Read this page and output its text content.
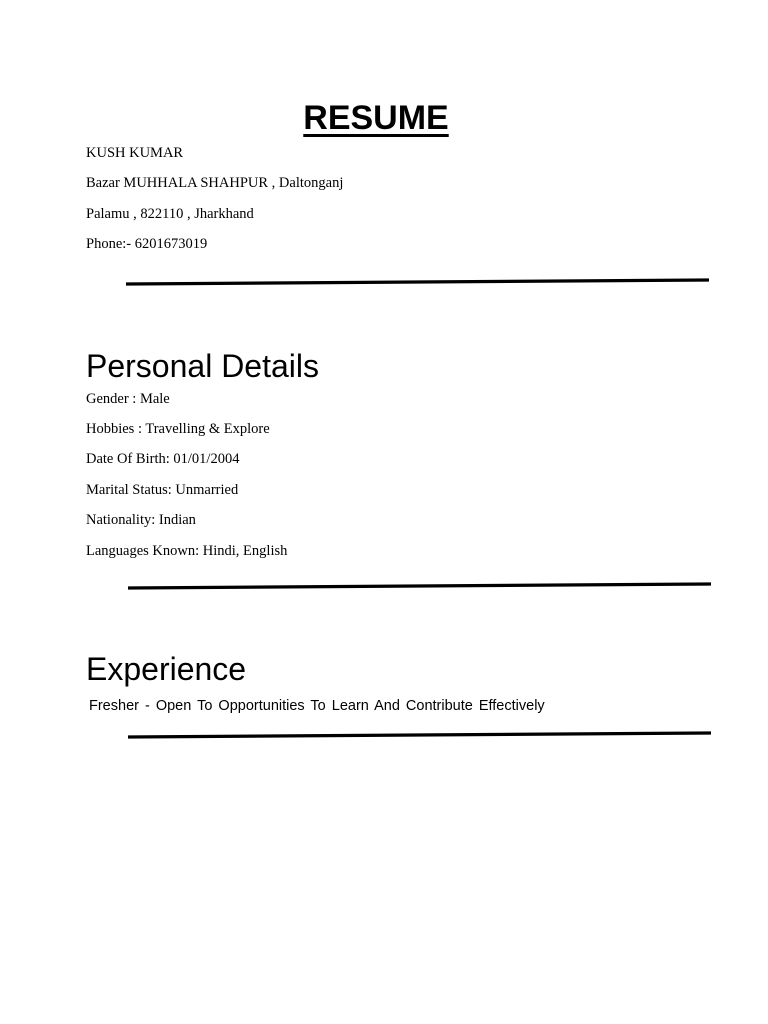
RESUME
KUSH KUMAR
Bazar MUHHALA SHAHPUR , Daltonganj
Palamu , 822110 , Jharkhand
Phone:- 6201673019
Personal Details
Gender : Male
Hobbies : Travelling & Explore
Date Of Birth: 01/01/2004
Marital Status: Unmarried
Nationality: Indian
Languages Known: Hindi, English
Experience
Fresher - Open To Opportunities To Learn And Contribute Effectively
